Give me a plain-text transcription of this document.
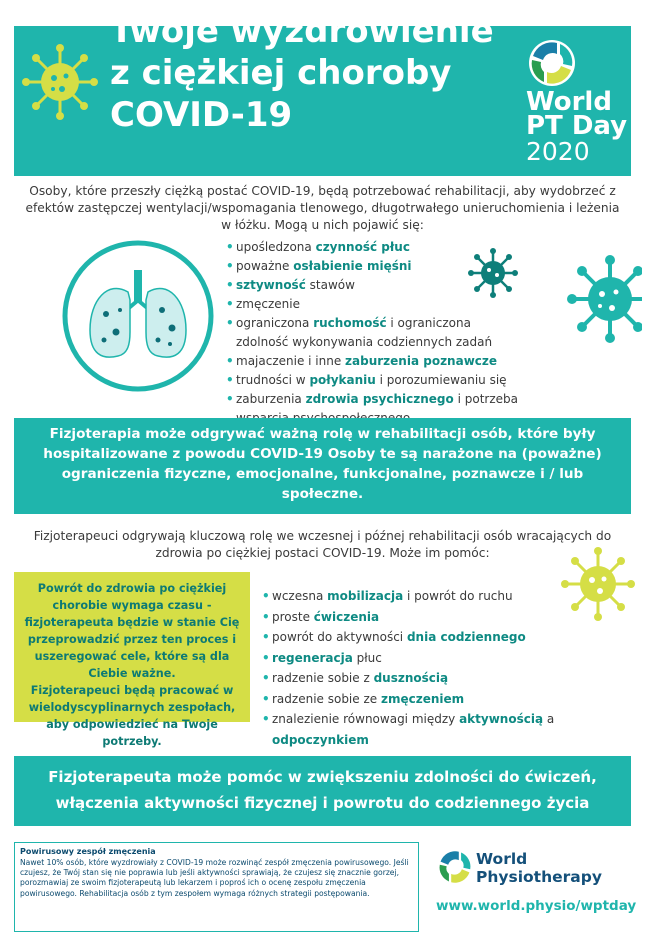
Twoje wyzdrowienie
z ciężkiej choroby
COVID-19	World
PT Day
2020
Osoby, które przeszły ciężką postać COVID-19, będą potrzebować rehabilitacji, aby wydobrzeć z efektów zastępczej wentylacji/wspomagania tlenowego, długotrwałego unieruchomienia i leżenia w łóżku. Mogą u nich pojawić się:
• upośledzona czynność płuc
• poważne osłabienie mięśni
• sztywność stawów
• zmęczenie
• ograniczona ruchomość i ograniczona zdolność wykonywania codziennych zadań
• majaczenie i inne zaburzenia poznawcze
• trudności w połykaniu i porozumiewaniu się
• zaburzenia zdrowia psychicznego i potrzeba
Fizjoterapia może odgrywać ważną rolę w rehabilitacji osób, które były hospitalizowane z powodu COVID-19 Osoby te są narażone na (poważne) ograniczenia fizyczne, emocjonalne, funkcjonalne, poznawcze i / lub społeczne.
Fizjoterapeuci odgrywają kluczową rolę we wczesnej i późnej rehabilitacji osób wracających do zdrowia po ciężkiej postaci COVID-19. Może im pomóc:
Powrót do zdrowia po ciężkiej chorobie wymaga czasu - fizjoterapeuta będzie w stanie Cię przeprowadzić przez ten proces i uszeregować cele, które są dla Ciebie ważne.
Fizjoterapeuci będą pracować w wielodyscyplinarnych zespołach, aby odpowiedzieć na Twoje potrzeby.
• wczesna mobilizacja i powrót do ruchu
• proste ćwiczenia
• powrót do aktywności dnia codziennego
• regeneracja płuc
• radzenie sobie z dusznością
• radzenie sobie ze zmęczeniem
• znalezienie równowagi między aktywnością a odpoczynkiem
Fizjoterapeuta może pomóc w zwiększeniu zdolności do ćwiczeń,
włączenia aktywności fizycznej i powrotu do codziennego życia
Powirusowy zespół zmęczenia
Nawet 10% osób, które wyzdrowiały z COVID-19 może rozwinąć zespół zmęczenia powirusowego. Jeśli czujesz, że Twój stan się nie poprawia lub jeśli aktywności sprawiają, że czujesz się znacznie gorzej, porozmawiaj ze swoim fizjoterapeutą lub lekarzem i poproś ich o ocenę zespołu zmęczenia powirusowego. Rehabilitacja osób z tym zespołem wymaga różnych strategii postępowania.
World
Physiotherapy
www.world.physio/wptday
